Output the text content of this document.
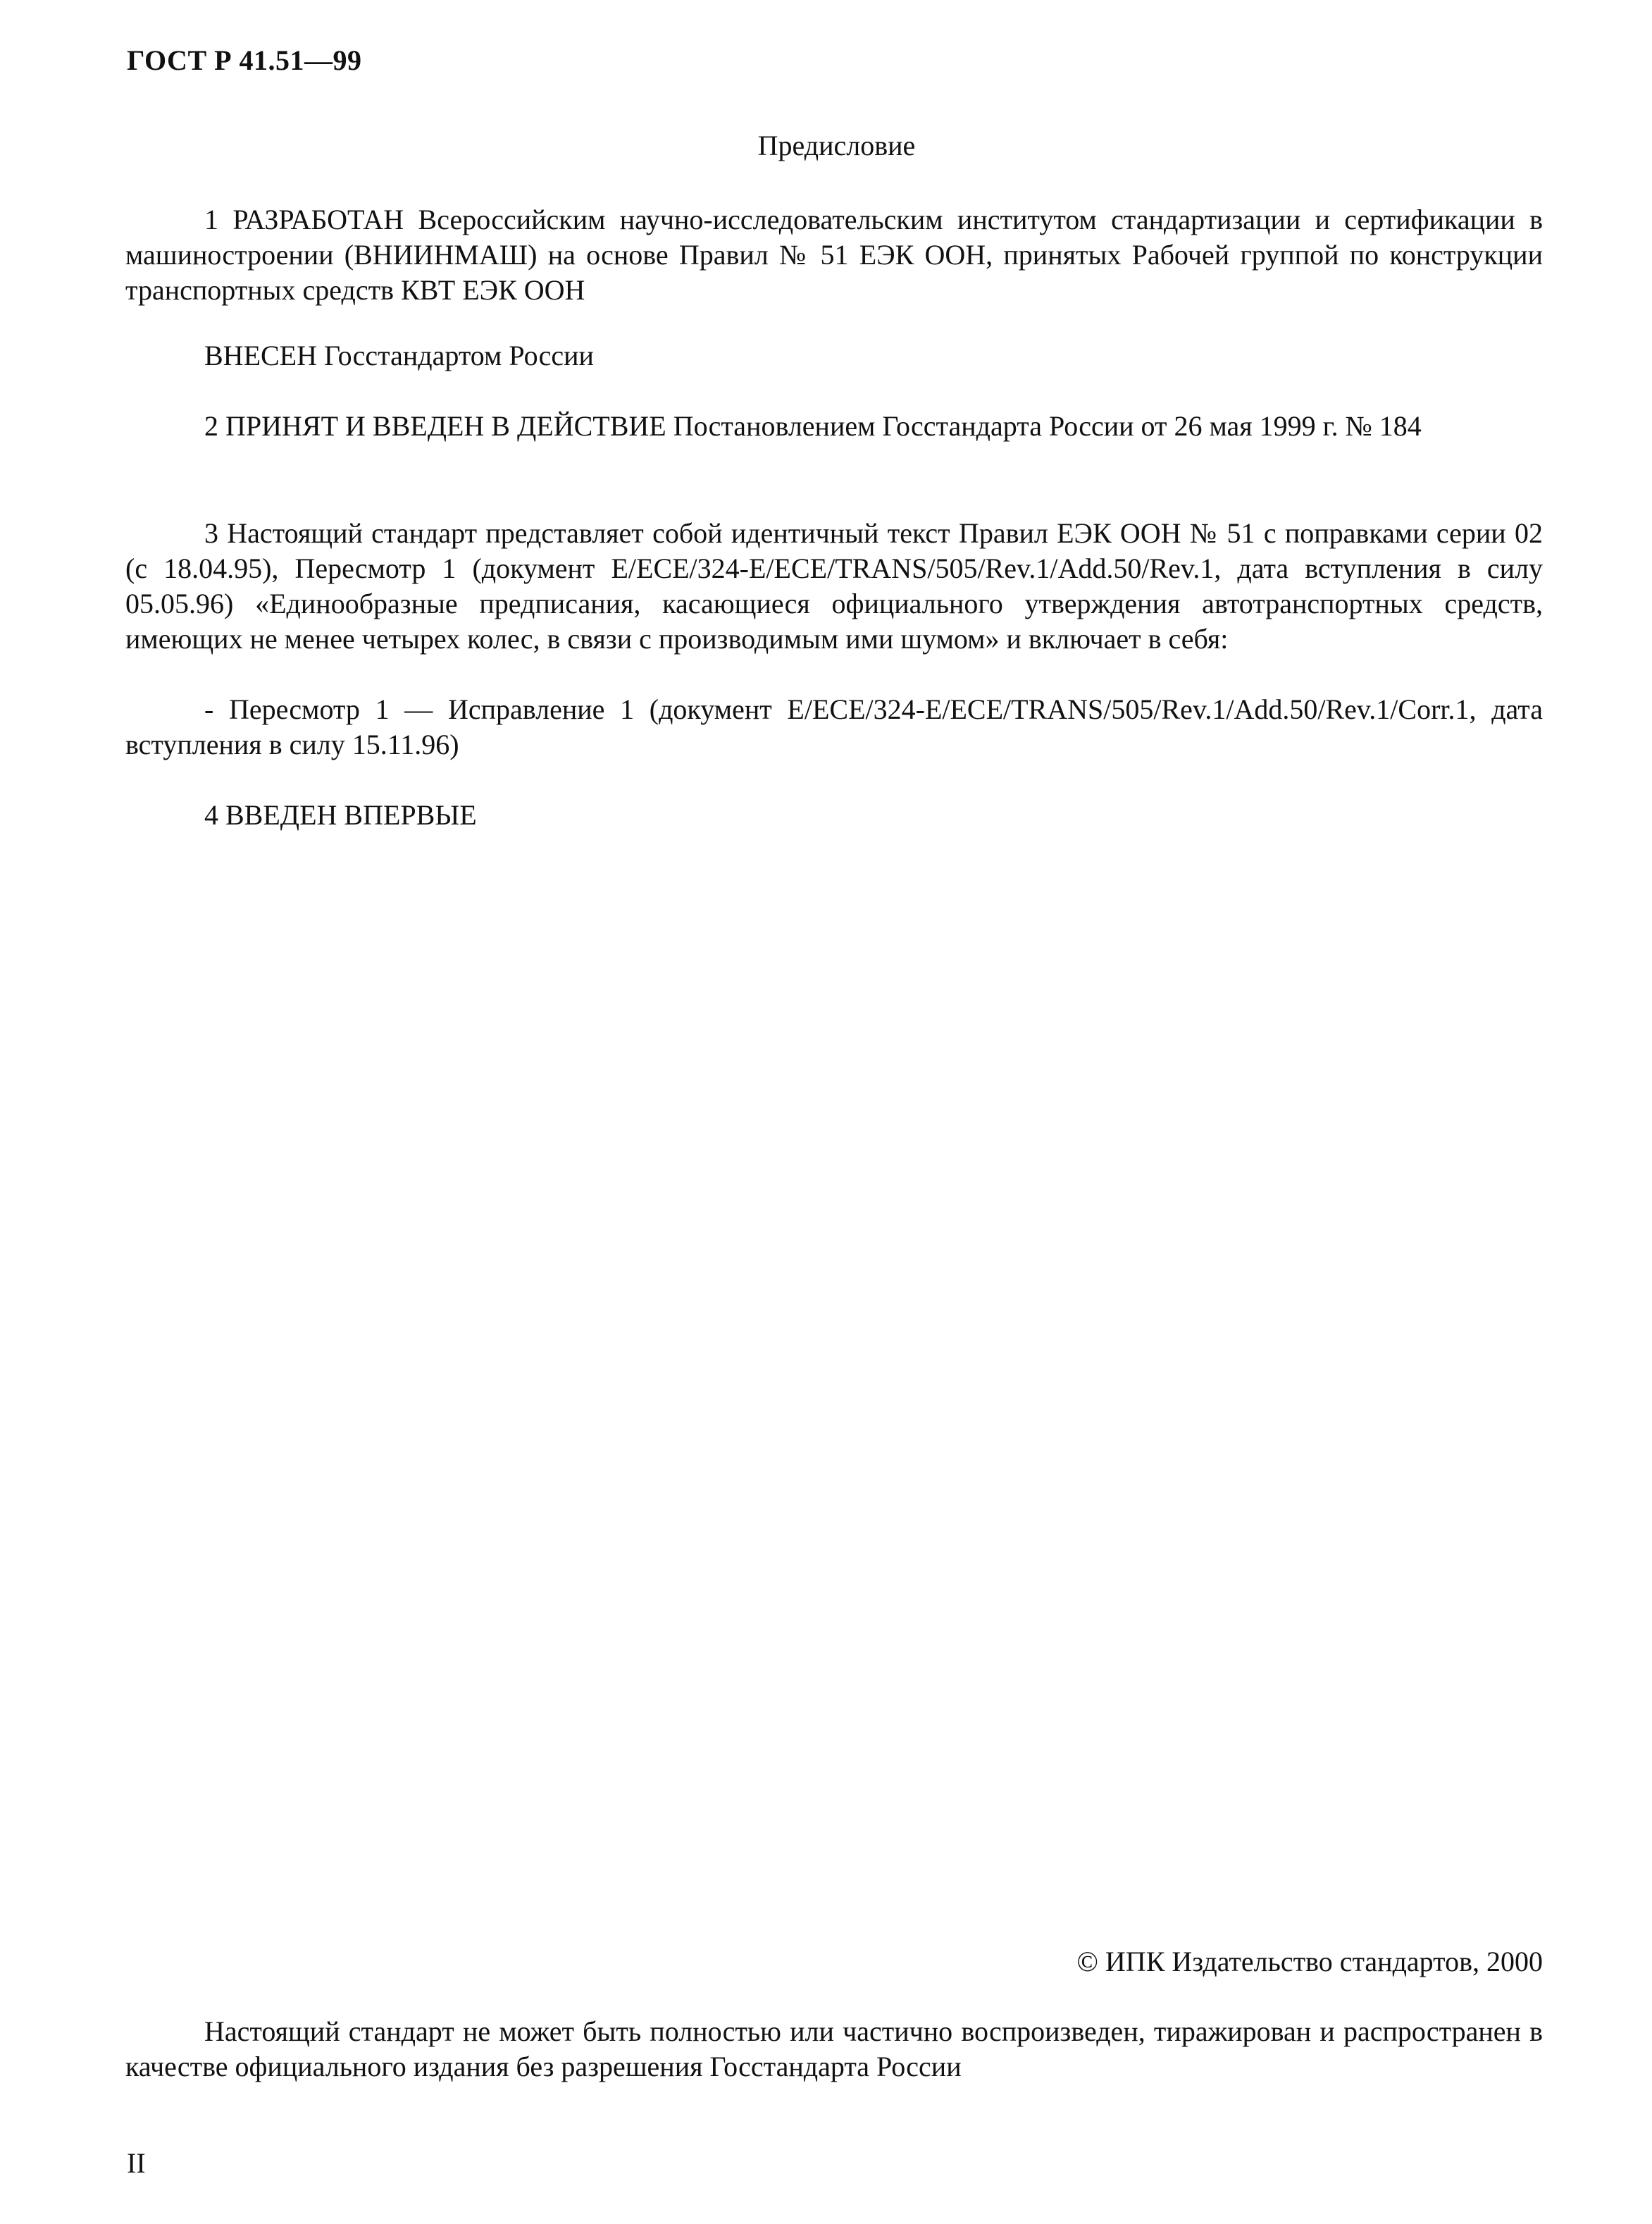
ГОСТ Р 41.51—99
Предисловие

1 РАЗРАБОТАН Всероссийским научно-исследовательским институтом стандартизации и сертификации в машиностроении (ВНИИНМАШ) на основе Правил № 51 ЕЭК ООН, принятых Рабочей группой по конструкции транспортных средств КВТ ЕЭК ООН

ВНЕСЕН Госстандартом России

2 ПРИНЯТ И ВВЕДЕН В ДЕЙСТВИЕ Постановлением Госстандарта России от 26 мая 1999 г. № 184

3 Настоящий стандарт представляет собой идентичный текст Правил ЕЭК ООН № 51 с поправками серии 02 (с 18.04.95), Пересмотр 1 (документ E/ECE/324-E/ECE/TRANS/505/Rev.1/Add.50/Rev.1, дата вступления в силу 05.05.96) «Единообразные предписания, касающиеся официального утверждения автотранспортных средств, имеющих не менее четырех колес, в связи с производимым ими шумом» и включает в себя:

- Пересмотр 1 — Исправление 1 (документ E/ECE/324-E/ECE/TRANS/505/Rev.1/Add.50/Rev.1/Corr.1, дата вступления в силу 15.11.96)

4 ВВЕДЕН ВПЕРВЫЕ

© ИПК Издательство стандартов, 2000

Настоящий стандарт не может быть полностью или частично воспроизведен, тиражирован и распространен в качестве официального издания без разрешения Госстандарта России

II
